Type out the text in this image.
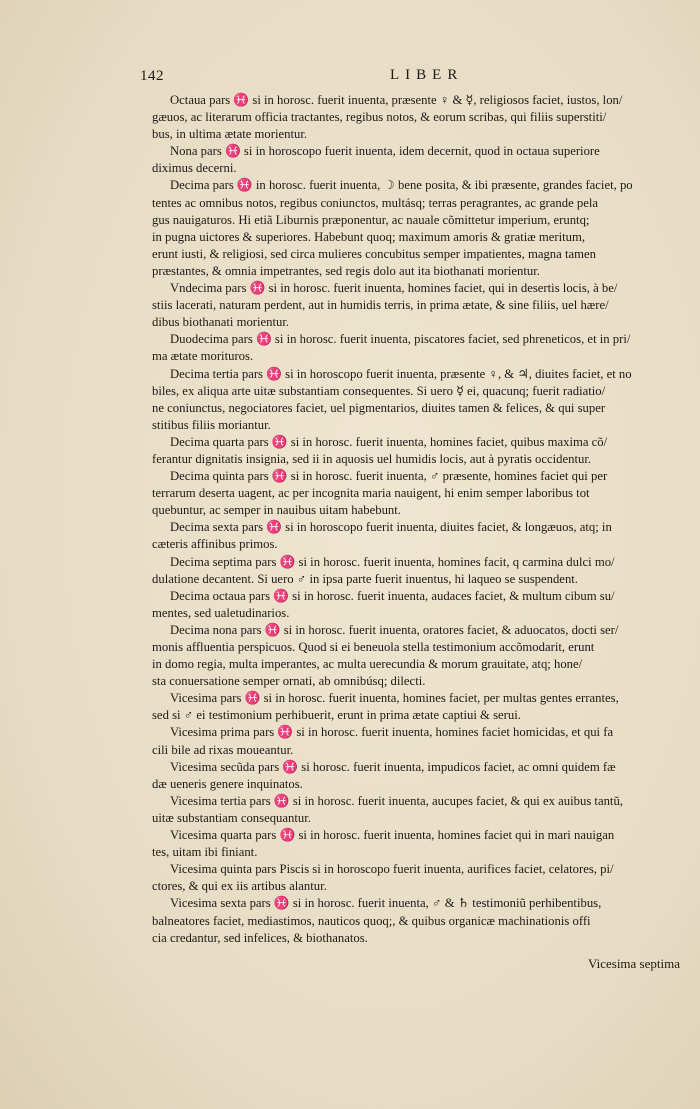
142	LIBER
Octaua pars ♓ si in horosc. fuerit inuenta, præsente ♀ & ☿, religiosos faciet, iustos, lon/
gæuos, ac literarum officia tractantes, regibus notos, & eorum scribas, qui filiis superstiti/
bus, in ultima ætate morientur.
Nona pars ♓ si in horoscopo fuerit inuenta, idem decernit, quod in octaua superiore
diximus decerni.
Decima pars ♓ in horosc. fuerit inuenta, ☽ bene posita, & ibi præsente, grandes faciet, po
tentes ac omnibus notos, regibus coniunctos, multásq; terras peragrantes, ac grande pela
gus nauigaturos. Hi etiã Liburnis præponentur, ac nauale cõmittetur imperium, eruntq;
in pugna uictores & superiores. Habebunt quoq; maximum amoris & gratiæ meritum,
erunt iusti, & religiosi, sed circa mulieres concubitus semper impatientes, magna tamen
præstantes, & omnia impetrantes, sed regis dolo aut ita biothanati morientur.
Vndecima pars ♓ si in horosc. fuerit inuenta, homines faciet, qui in desertis locis, à be/
stiis lacerati, naturam perdent, aut in humidis terris, in prima ætate, & sine filiis, uel hære/
dibus biothanati morientur.
Duodecima pars ♓ si in horosc. fuerit inuenta, piscatores faciet, sed phreneticos, et in pri/
ma ætate morituros.
Decima tertia pars ♓ si in horoscopo fuerit inuenta, præsente ♀, & ♃, diuites faciet, et no
biles, ex aliqua arte uitæ substantiam consequentes. Si uero ☿ ei, quacunq; fuerit radiatio/
ne coniunctus, negociatores faciet, uel pigmentarios, diuites tamen & felices, & qui super
stitibus filiis moriantur.
Decima quarta pars ♓ si in horosc. fuerit inuenta, homines faciet, quibus maxima cõ/
ferantur dignitatis insignia, sed ii in aquosis uel humidis locis, aut à pyratis occidentur.
Decima quinta pars ♓ si in horosc. fuerit inuenta, ♂ præsente, homines faciet qui per
terrarum deserta uagent, ac per incognita maria nauigent, hi enim semper laboribus tot
quebuntur, ac semper in nauibus uitam habebunt.
Decima sexta pars ♓ si in horoscopo fuerit inuenta, diuites faciet, & longæuos, atq; in
cæteris affinibus primos.
Decima septima pars ♓ si in horosc. fuerit inuenta, homines facit, q carmina dulci mo/
dulatione decantent. Si uero ♂ in ipsa parte fuerit inuentus, hi laqueo se suspendent.
Decima octaua pars ♓ si in horosc. fuerit inuenta, audaces faciet, & multum cibum su/
mentes, sed ualetudinarios.
Decima nona pars ♓ si in horosc. fuerit inuenta, oratores faciet, & aduocatos, docti ser/
monis affluentia perspicuos. Quod si ei beneuola stella testimonium accõmodarit, erunt
in domo regia, multa imperantes, ac multa uerecundia & morum grauitate, atq; hone/
sta conuersatione semper ornati, ab omnibúsq; dilecti.
Vicesima pars ♓ si in horosc. fuerit inuenta, homines faciet, per multas gentes errantes,
sed si ♂ ei testimonium perhibuerit, erunt in prima ætate captiui & serui.
Vicesima prima pars ♓ si in horosc. fuerit inuenta, homines faciet homicidas, et qui fa
cili bile ad rixas moueantur.
Vicesima secũda pars ♓ si horosc. fuerit inuenta, impudicos faciet, ac omni quidem fæ
dæ ueneris genere inquinatos.
Vicesima tertia pars ♓ si in horosc. fuerit inuenta, aucupes faciet, & qui ex auibus tantũ,
uitæ substantiam consequantur.
Vicesima quarta pars ♓ si in horosc. fuerit inuenta, homines faciet qui in mari nauigan
tes, uitam ibi finiant.
Vicesima quinta pars Piscis si in horoscopo fuerit inuenta, aurifices faciet, celatores, pi/
ctores, & qui ex iis artibus alantur.
Vicesima sexta pars ♓ si in horosc. fuerit inuenta, ♂ & ♄ testimoniũ perhibentibus,
balneatores faciet, mediastimos, nauticos quoq;, & quibus organicæ machinationis offi
cia credantur, sed infelices, & biothanatos.
Vicesima septima
